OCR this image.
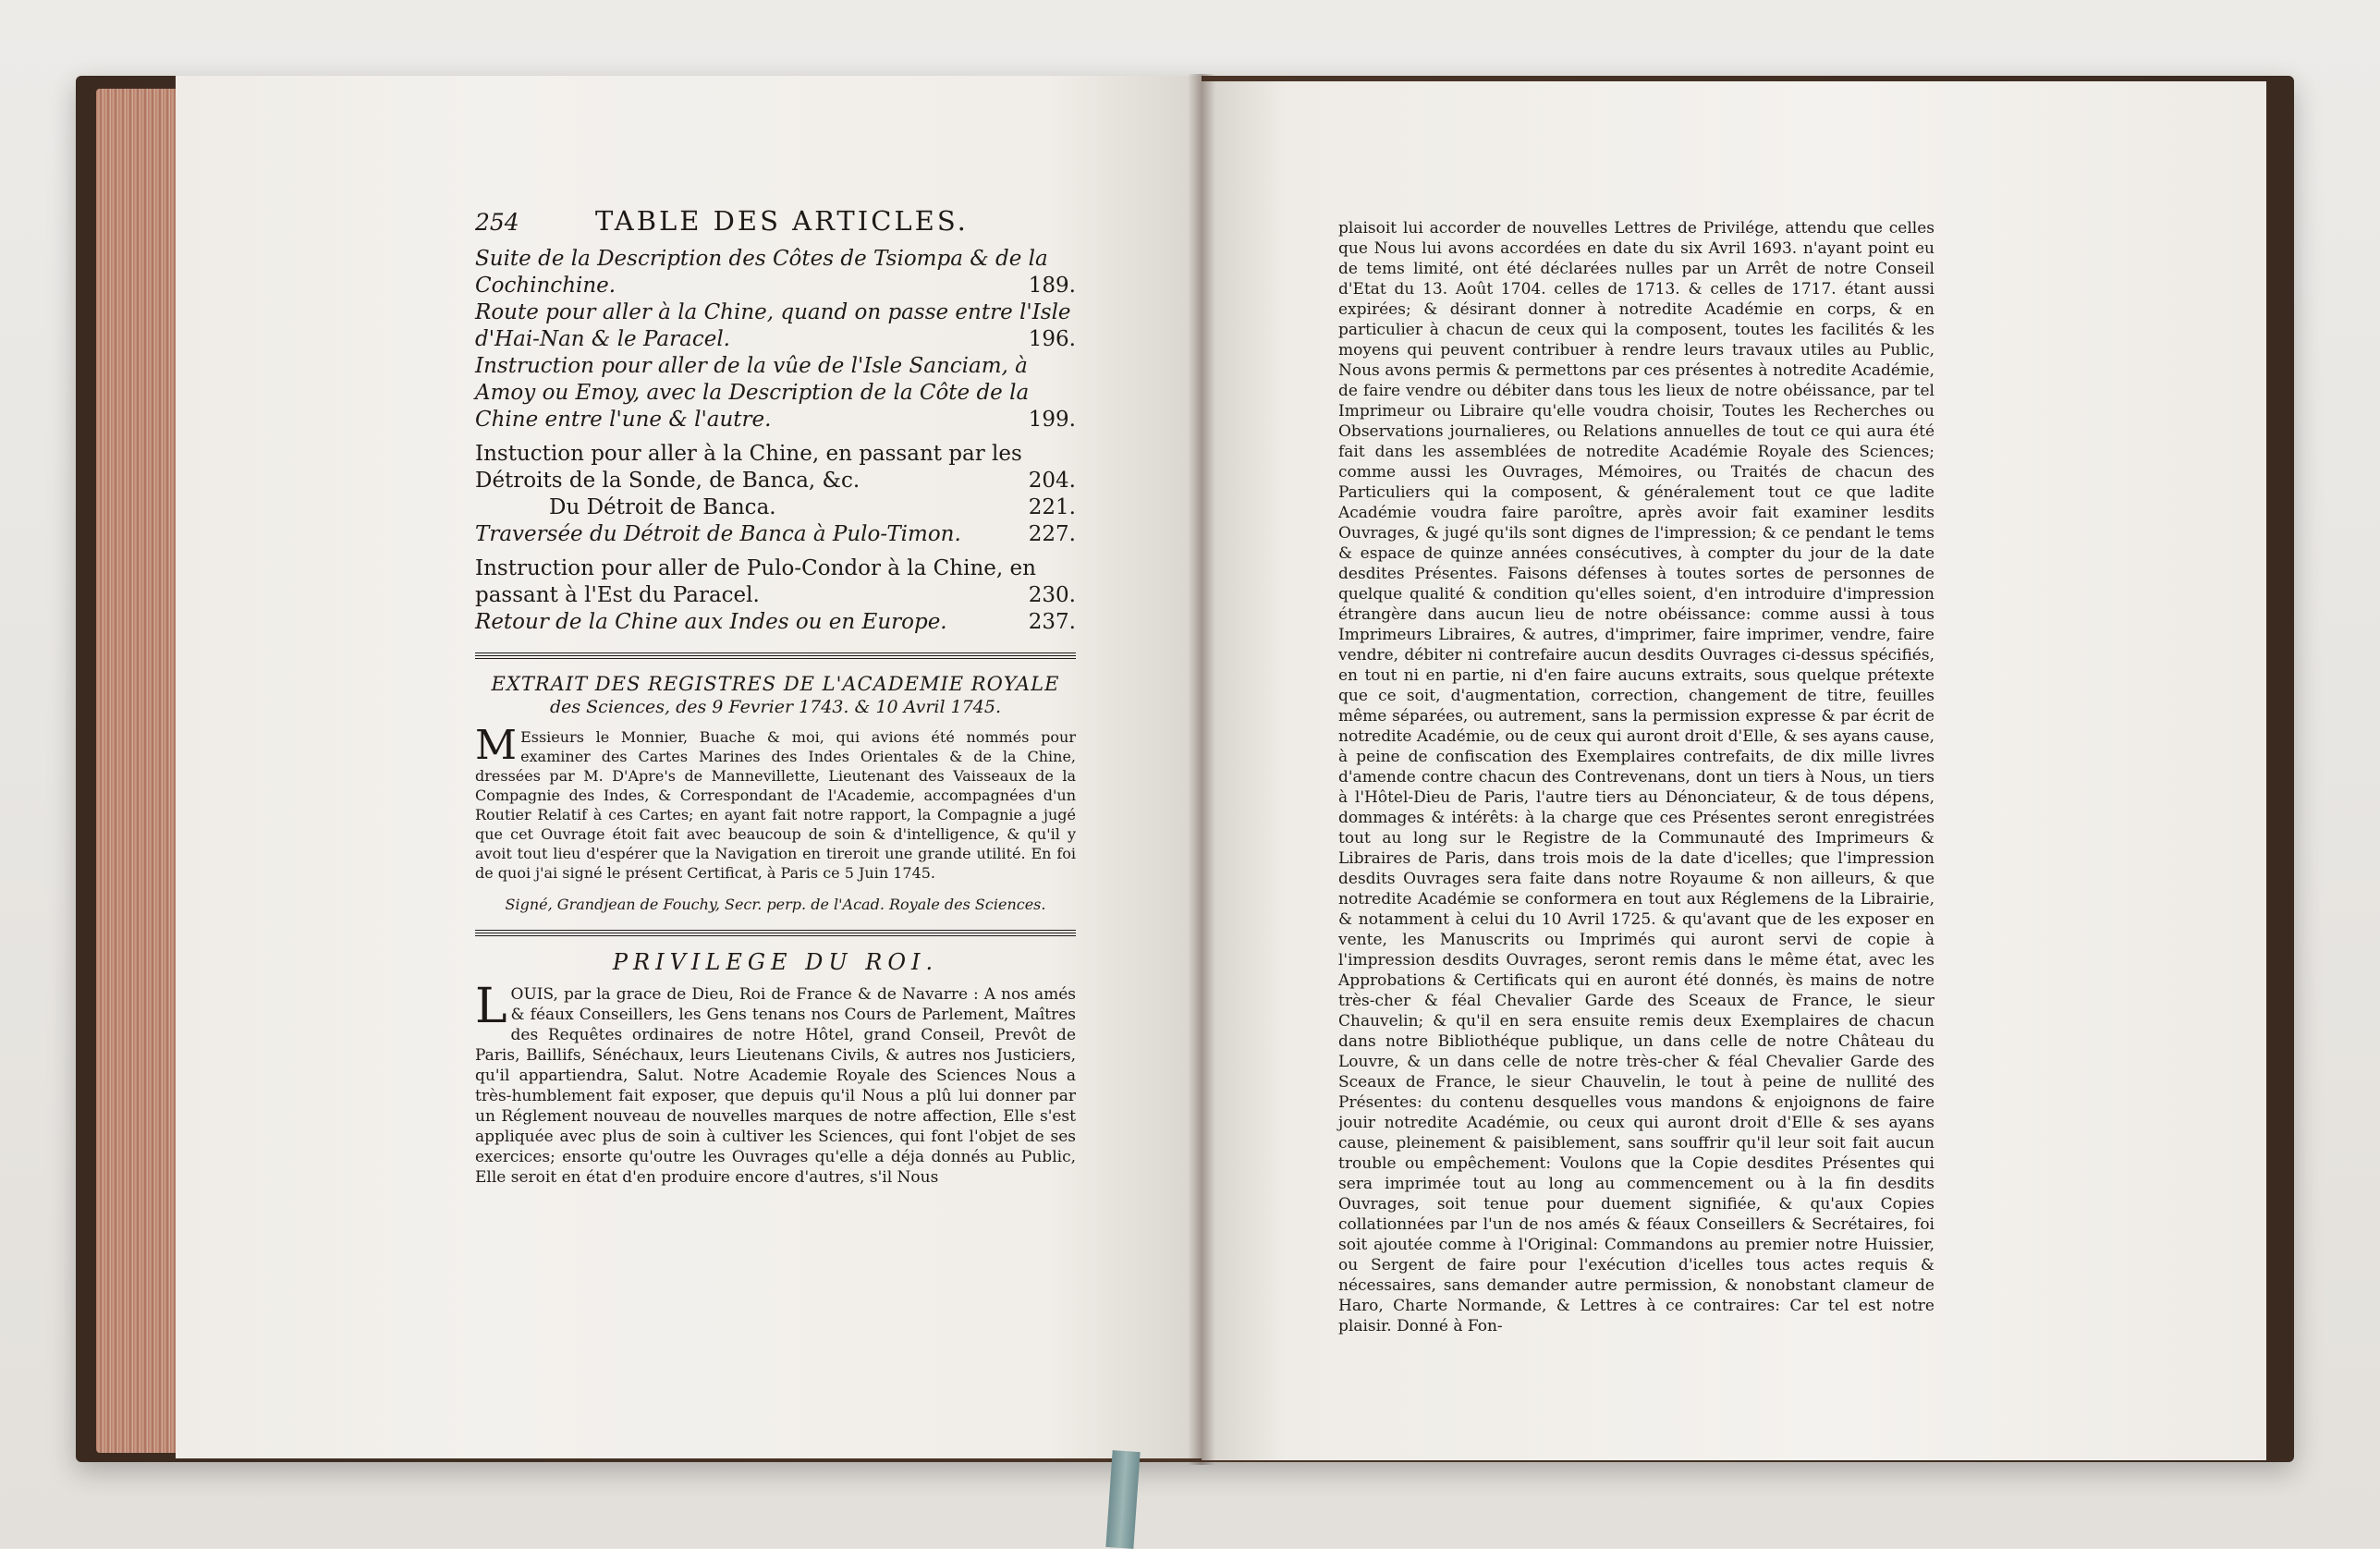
254	TABLE DES ARTICLES.
Suite de la Description des Côtes de Tsiompa & de la Cochinchine.	189.
Route pour aller à la Chine, quand on passe entre l'Isle d'Hai-Nan & le Paracel.	196.
Instruction pour aller de la vûe de l'Isle Sanciam, à Amoy ou Emoy, avec la Description de la Côte de la Chine entre l'une & l'autre.	199.
Instuction pour aller à la Chine, en passant par les Détroits de la Sonde, de Banca, &c.	204.
Du Détroit de Banca.	221.
Traversée du Détroit de Banca à Pulo-Timon.	227.
Instruction pour aller de Pulo-Condor à la Chine, en passant à l'Est du Paracel.	230.
Retour de la Chine aux Indes ou en Europe.	237.
EXTRAIT DES REGISTRES DE L'ACADEMIE ROYALE
des Sciences, des 9 Fevrier 1743. & 10 Avril 1745.
M Essieurs le Monnier, Buache & moi, qui avions été nommés pour examiner des Cartes Marines des Indes Orientales & de la Chine, dressées par M. D'Apre's de Mannevillette, Lieutenant des Vaisseaux de la Compagnie des Indes, & Correspondant de l'Academie, accompagnées d'un Routier Relatif à ces Cartes; en ayant fait notre rapport, la Compagnie a jugé que cet Ouvrage étoit fait avec beaucoup de soin & d'intelligence, & qu'il y avoit tout lieu d'espérer que la Navigation en tireroit une grande utilité. En foi de quoi j'ai signé le présent Certificat, à Paris ce 5 Juin 1745.
Signé, Grandjean de Fouchy, Secr. perp. de l'Acad. Royale des Sciences.
PRIVILEGE DU ROI.
L OUIS, par la grace de Dieu, Roi de France & de Navarre : A nos amés & féaux Conseillers, les Gens tenans nos Cours de Parlement, Maîtres des Requêtes ordinaires de notre Hôtel, grand Conseil, Prevôt de Paris, Baillifs, Sénéchaux, leurs Lieutenans Civils, & autres nos Justiciers, qu'il appartiendra, Salut. Notre Academie Royale des Sciences Nous a très-humblement fait exposer, que depuis qu'il Nous a plû lui donner par un Réglement nouveau de nouvelles marques de notre affection, Elle s'est appliquée avec plus de soin à cultiver les Sciences, qui font l'objet de ses exercices; ensorte qu'outre les Ouvrages qu'elle a déja donnés au Public, Elle seroit en état d'en produire encore d'autres, s'il Nous
plaisoit lui accorder de nouvelles Lettres de Privilége, attendu que celles que Nous lui avons accordées en date du six Avril 1693. n'ayant point eu de tems limité, ont été déclarées nulles par un Arrêt de notre Conseil d'Etat du 13. Août 1704. celles de 1713. & celles de 1717. étant aussi expirées; & désirant donner à notredite Académie en corps, & en particulier à chacun de ceux qui la composent, toutes les facilités & les moyens qui peuvent contribuer à rendre leurs travaux utiles au Public, Nous avons permis & permettons par ces présentes à notredite Académie, de faire vendre ou débiter dans tous les lieux de notre obéissance, par tel Imprimeur ou Libraire qu'elle voudra choisir, Toutes les Recherches ou Observations journalieres, ou Relations annuelles de tout ce qui aura été fait dans les assemblées de notredite Académie Royale des Sciences; comme aussi les Ouvrages, Mémoires, ou Traités de chacun des Particuliers qui la composent, & généralement tout ce que ladite Académie voudra faire paroître, après avoir fait examiner lesdits Ouvrages, & jugé qu'ils sont dignes de l'impression; & ce pendant le tems & espace de quinze années consécutives, à compter du jour de la date desdites Présentes. Faisons défenses à toutes sortes de personnes de quelque qualité & condition qu'elles soient, d'en introduire d'impression étrangère dans aucun lieu de notre obéissance: comme aussi à tous Imprimeurs Libraires, & autres, d'imprimer, faire imprimer, vendre, faire vendre, débiter ni contrefaire aucun desdits Ouvrages ci-dessus spécifiés, en tout ni en partie, ni d'en faire aucuns extraits, sous quelque prétexte que ce soit, d'augmentation, correction, changement de titre, feuilles même séparées, ou autrement, sans la permission expresse & par écrit de notredite Académie, ou de ceux qui auront droit d'Elle, & ses ayans cause, à peine de confiscation des Exemplaires contrefaits, de dix mille livres d'amende contre chacun des Contrevenans, dont un tiers à Nous, un tiers à l'Hôtel-Dieu de Paris, l'autre tiers au Dénonciateur, & de tous dépens, dommages & intérêts: à la charge que ces Présentes seront enregistrées tout au long sur le Registre de la Communauté des Imprimeurs & Libraires de Paris, dans trois mois de la date d'icelles; que l'impression desdits Ouvrages sera faite dans notre Royaume & non ailleurs, & que notredite Académie se conformera en tout aux Réglemens de la Librairie, & notamment à celui du 10 Avril 1725. & qu'avant que de les exposer en vente, les Manuscrits ou Imprimés qui auront servi de copie à l'impression desdits Ouvrages, seront remis dans le même état, avec les Approbations & Certificats qui en auront été donnés, ès mains de notre très-cher & féal Chevalier Garde des Sceaux de France, le sieur Chauvelin; & qu'il en sera ensuite remis deux Exemplaires de chacun dans notre Bibliothéque publique, un dans celle de notre Château du Louvre, & un dans celle de notre très-cher & féal Chevalier Garde des Sceaux de France, le sieur Chauvelin, le tout à peine de nullité des Présentes: du contenu desquelles vous mandons & enjoignons de faire jouir notredite Académie, ou ceux qui auront droit d'Elle & ses ayans cause, pleinement & paisiblement, sans souffrir qu'il leur soit fait aucun trouble ou empêchement: Voulons que la Copie desdites Présentes qui sera imprimée tout au long au commencement ou à la fin desdits Ouvrages, soit tenue pour duement signifiée, & qu'aux Copies collationnées par l'un de nos amés & féaux Conseillers & Secrétaires, foi soit ajoutée comme à l'Original: Commandons au premier notre Huissier, ou Sergent de faire pour l'exécution d'icelles tous actes requis & nécessaires, sans demander autre permission, & nonobstant clameur de Haro, Charte Normande, & Lettres à ce contraires: Car tel est notre plaisir. Donné à Fon-
